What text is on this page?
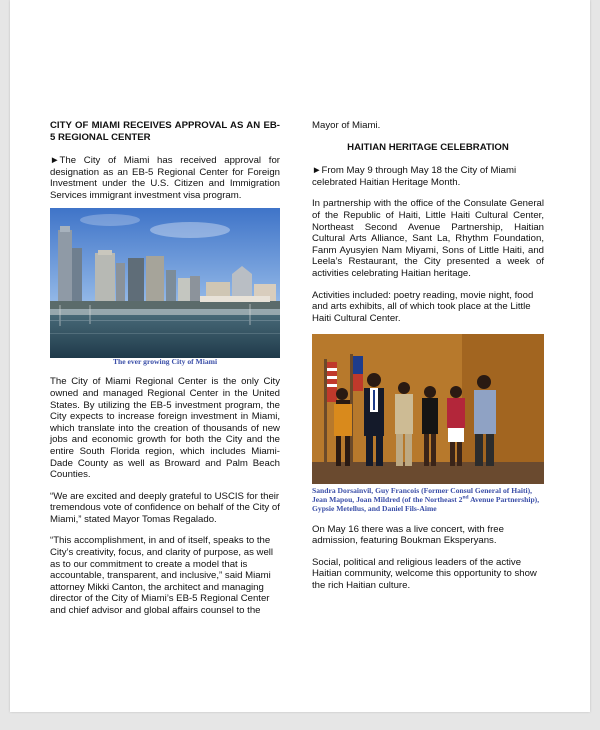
CITY OF MIAMI RECEIVES APPROVAL AS AN EB-5 REGIONAL CENTER

►The City of Miami has received approval for designation as an EB-5 Regional Center for Foreign Investment under the U.S. Citizen and Immigration Services immigrant investment visa program.

The ever growing City of Miami

The City of Miami Regional Center is the only City owned and managed Regional Center in the United States. By utilizing the EB-5 investment program, the City expects to increase foreign investment in Miami, which translate into the creation of thousands of new jobs and economic growth for both the City and the entire South Florida region, which includes Miami-Dade County as well as Broward and Palm Beach Counties.

“We are excited and deeply grateful to USCIS for their tremendous vote of confidence on behalf of the City of Miami,” stated Mayor Tomas Regalado.

“This accomplishment, in and of itself, speaks to the City’s creativity, focus, and clarity of purpose, as well as to our commitment to create a model that is accountable, transparent, and inclusive,” said Miami attorney Mikki Canton, the architect and managing director of the City of Miami’s EB-5 Regional Center and chief advisor and global affairs counsel to the

Mayor of Miami.

HAITIAN HERITAGE CELEBRATION

►From May 9 through May 18 the City of Miami celebrated Haitian Heritage Month.

In partnership with the office of the Consulate General of the Republic of Haiti, Little Haiti Cultural Center, Northeast Second Avenue Partnership, Haitian Cultural Arts Alliance, Sant La, Rhythm Foundation, Fanm Ayusyien Nam Miyami, Sons of Little Haiti, and Leela’s Restaurant, the City presented a week of activities celebrating Haitian heritage.

Activities included: poetry reading, movie night, food and arts exhibits, all of which took place at the Little Haiti Cultural Center.

Sandra Dorsainvil, Guy Francois (Former Consul General of Haiti), Jean Mapou, Joan Mildred (of the Northeast 2nd Avenue Partnership), Gypsie Metellus, and Daniel Fils-Aime

On May 16 there was a live concert, with free admission, featuring Boukman Eksperyans.

Social, political and religious leaders of the active Haitian community, welcome this opportunity to show the rich Haitian culture.
